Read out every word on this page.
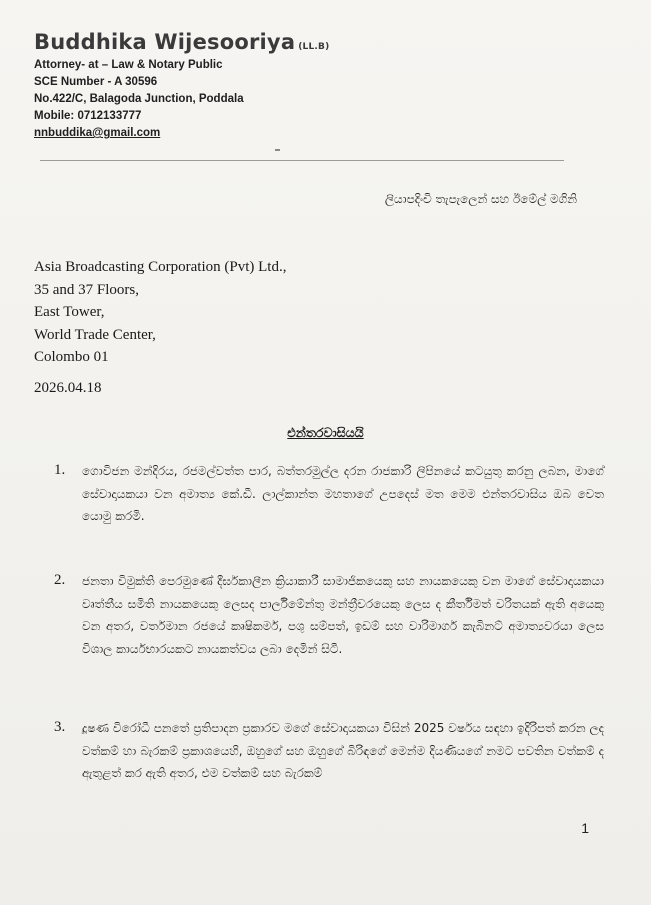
Buddhika Wijesooriya (LL.B)
Attorney- at – Law & Notary Public
SCE Number - A 30596
No.422/C, Balagoda Junction, Poddala
Mobile: 0712133777
nnbuddika@gmail.com
ලියාපදිංචි තැපැලෙන් සහ ඊමේල් මගිනි
Asia Broadcasting Corporation (Pvt) Ltd.,
35 and 37 Floors,
East Tower,
World Trade Center,
Colombo 01
2026.04.18
එන්තරවාසියයි
1. ගොවිජන මන්දිරය, රජමල්වත්ත පාර, බත්තරමුල්ල දරන රාජකාරි ලිපිනයේ කටයුතු කරනු ලබන, මාගේ සේවාදායකයා වන අමාත්‍ය කේ.ඩී. ලාල්කාන්ත මහතාගේ උපදෙස් මත මෙම එන්තරවාසිය ඔබ වෙත යොමු කරමි.
2. ජනතා විමුක්ති පෙරමුණේ දීර්ඝකාලීන ක්‍රියාකාරී සාමාජිකයෙකු සහ නායකයෙකු වන මාගේ සේවාදායකයා වෘත්තීය සමිති නායකයෙකු ලෙසද පාර්ලිමේන්තු මන්ත්‍රීවරයෙකු ලෙස ද කීර්තිමත් චරිතයක් ඇති අයෙකු වන අතර, වර්තමාන රජයේ කෘෂිකර්ම, පශු සම්පත්, ඉඩම් සහ වාරිමාර්ග කැබිනට් අමාත්‍යවරයා ලෙස විශාල කාර්යභාරයකට නායකත්වය ලබා දෙමින් සිටී.
3. දූෂණ විරෝධී පනතේ ප්‍රතිපාදන ප්‍රකාරව මගේ සේවාදායකයා විසින් 2025 වර්ෂය සඳහා ඉදිරිපත් කරන ලද වත්කම් හා බැරකම් ප්‍රකාශයෙහි, ඔහුගේ සහ ඔහුගේ බිරිඳගේ මෙන්ම දියණියගේ නමට පවතින වත්කම් ද ඇතුළත් කර ඇති අතර, එම වත්කම් සහ බැරකම්
1
